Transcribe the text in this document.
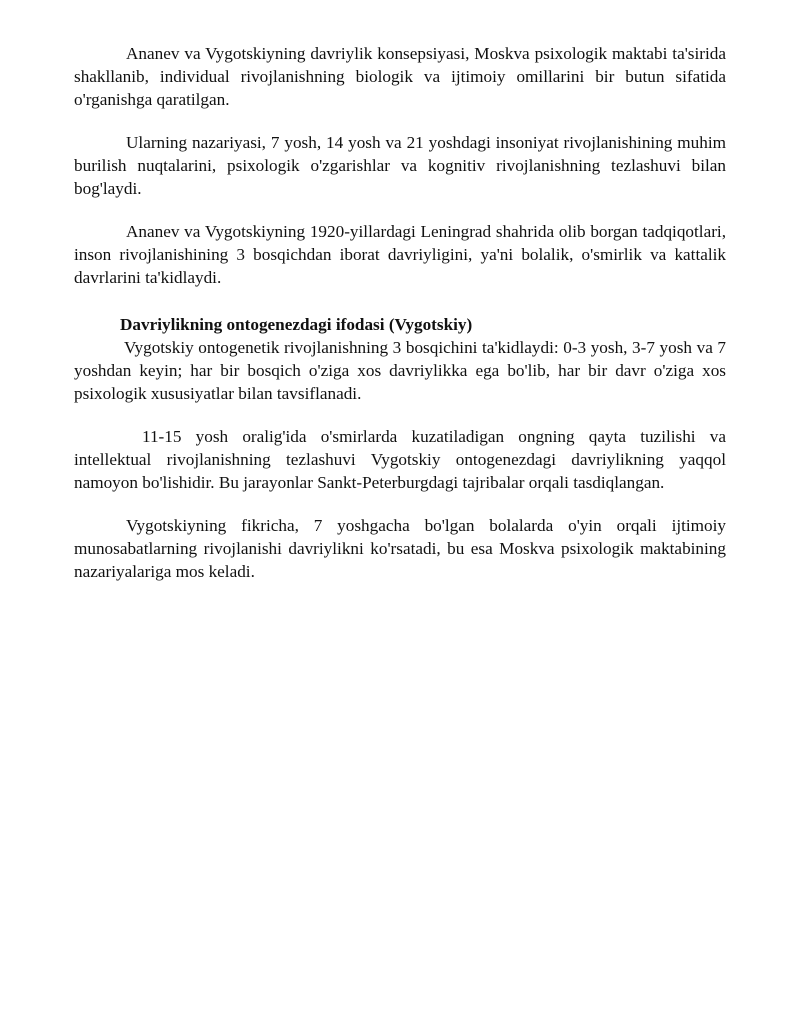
Ananev va Vygotskiyning davriylik konsepsiyasi, Moskva psixologik maktabi ta'sirida shakllanib, individual rivojlanishning biologik va ijtimoiy omillarini bir butun sifatida o'rganishga qaratilgan.

Ularning nazariyasi, 7 yosh, 14 yosh va 21 yoshdagi insoniyat rivojlanishining muhim burilish nuqtalarini, psixologik o'zgarishlar va kognitiv rivojlanishning tezlashuvi bilan bog'laydi.

Ananev va Vygotskiyning 1920-yillardagi Leningrad shahrida olib borgan tadqiqotlari, inson rivojlanishining 3 bosqichdan iborat davriyligini, ya'ni bolalik, o'smirlik va kattalik davrlarini ta'kidlaydi.

Davriylikning ontogenezdagi ifodasi (Vygotskiy)

Vygotskiy ontogenetik rivojlanishning 3 bosqichini ta'kidlaydi: 0-3 yosh, 3-7 yosh va 7 yoshdan keyin; har bir bosqich o'ziga xos davriylikka ega bo'lib, har bir davr o'ziga xos psixologik xususiyatlar bilan tavsiflanadi.

11-15 yosh oralig'ida o'smirlarda kuzatiladigan ongning qayta tuzilishi va intellektual rivojlanishning tezlashuvi Vygotskiy ontogenezdagi davriylikning yaqqol namoyon bo'lishidir. Bu jarayonlar Sankt-Peterburgdagi tajribalar orqali tasdiqlangan.

Vygotskiyning fikricha, 7 yoshgacha bo'lgan bolalarda o'yin orqali ijtimoiy munosabatlarning rivojlanishi davriylikni ko'rsatadi, bu esa Moskva psixologik maktabining nazariyalariga mos keladi.
